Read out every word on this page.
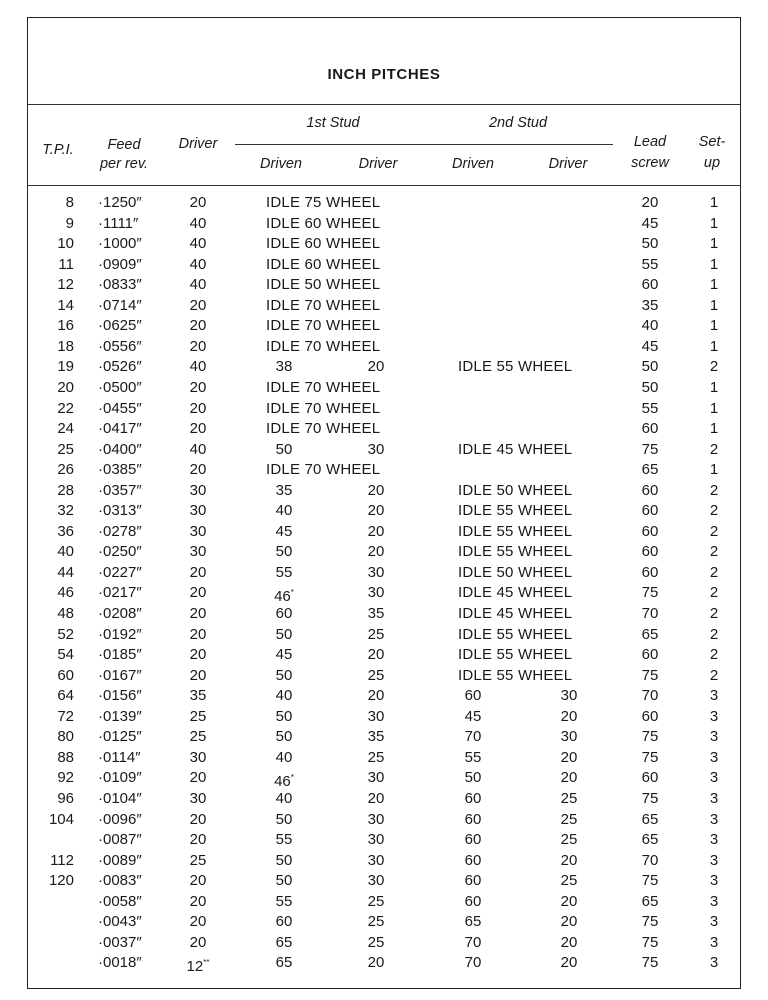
INCH PITCHES
T.P.I.	Feed
per rev.
Driver
1st Stud	2nd Stud
Driven	Driver	Driven	Driver
Lead
screw
Set-
up
8 ·1250″	20	IDLE 75 WHEEL	20	1
9 ·1111″	40	IDLE 60 WHEEL	45	1
10 ·1000″	40	IDLE 60 WHEEL	50	1
11 ·0909″	40	IDLE 60 WHEEL	55	1
12 ·0833″	40	IDLE 50 WHEEL	60	1
14 ·0714″	20	IDLE 70 WHEEL	35	1
16 ·0625″	20	IDLE 70 WHEEL	40	1
18 ·0556″	20	IDLE 70 WHEEL	45	1
19 ·0526″	40	38	20	IDLE 55 WHEEL	50	2
20 ·0500″	20	IDLE 70 WHEEL	50	1
22 ·0455″	20	IDLE 70 WHEEL	55	1
24 ·0417″	20	IDLE 70 WHEEL	60	1
25 ·0400″	40	50	30	IDLE 45 WHEEL	75	2
26 ·0385″	20	IDLE 70 WHEEL	65	1
28 ·0357″	30	35	20	IDLE 50 WHEEL	60	2
32 ·0313″	30	40	20	IDLE 55 WHEEL	60	2
36 ·0278″	30	45	20	IDLE 55 WHEEL	60	2
40 ·0250″	30	50	20	IDLE 55 WHEEL	60	2
44 ·0227″	20	55	30	IDLE 50 WHEEL	60	2
46 ·0217″	20	46*	30	IDLE 45 WHEEL	75	2
48 ·0208″	20	60	35	IDLE 45 WHEEL	70	2
52 ·0192″	20	50	25	IDLE 55 WHEEL	65	2
54 ·0185″	20	45	20	IDLE 55 WHEEL	60	2
60 ·0167″	20	50	25	IDLE 55 WHEEL	75	2
64 ·0156″	35	40	20	60	30	70	3
72 ·0139″	25	50	30	45	20	60	3
80 ·0125″	25	50	35	70	30	75	3
88 ·0114″	30	40	25	55	20	75	3
92 ·0109″	20	46*	30	50	20	60	3
96 ·0104″	30	40	20	60	25	75	3
104 ·0096″	20	50	30	60	25	65	3
·0087″	20	55	30	60	25	65	3
112 ·0089″	25	50	30	60	20	70	3
120 ·0083″	20	50	30	60	25	75	3
·0058″	20	55	25	60	20	65	3
·0043″	20	60	25	65	20	75	3
·0037″	20	65	25	70	20	75	3
·0018″	12**	65	20	70	20	75	3
